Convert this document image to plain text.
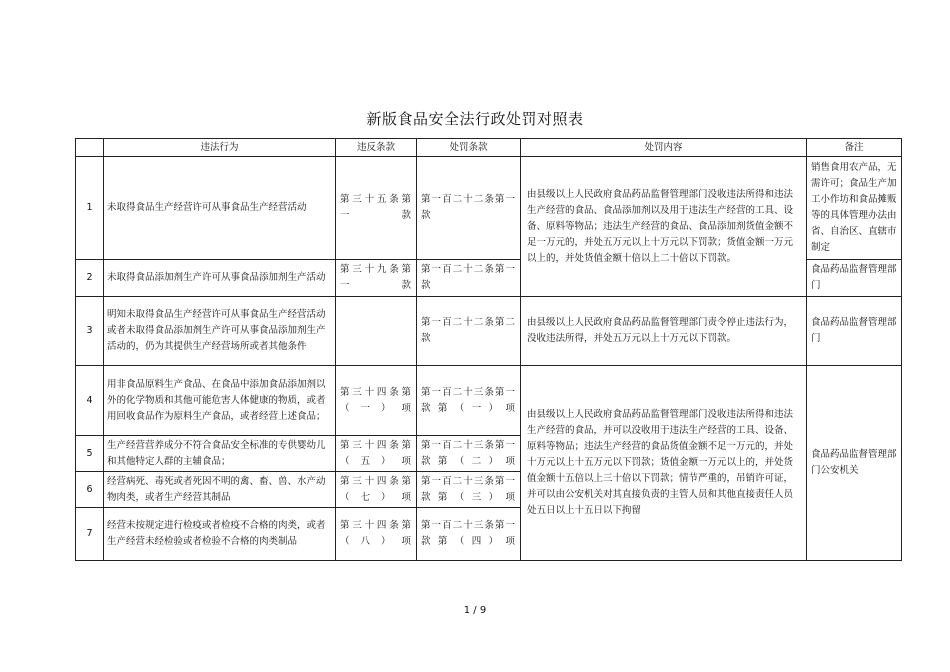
新版食品安全法行政处罚对照表
	违法行为	违反条款	处罚条款	处罚内容	备注
1	未取得食品生产经营许可从事食品生产经营活动	第三十五条第一款	第一百二十二条第一款	由县级以上人民政府食品药品监督管理部门没收违法所得和违法生产经营的食品、食品添加剂以及用于违法生产经营的工具、设备、原料等物品；违法生产经营的食品、食品添加剂货值金额不足一万元的，并处五万元以上十万元以下罚款；货值金额一万元以上的，并处货值金额十倍以上二十倍以下罚款。	销售食用农产品，无需许可；食品生产加工小作坊和食品摊贩等的具体管理办法由省、自治区、直辖市制定
2	未取得食品添加剂生产许可从事食品添加剂生产活动	第三十九条第一款	第一百二十二条第一款		食品药品监督管理部门
3	明知未取得食品生产经营许可从事食品生产经营活动或者未取得食品添加剂生产许可从事食品添加剂生产活动的，仍为其提供生产经营场所或者其他条件		第一百二十二条第二款	由县级以上人民政府食品药品监督管理部门责令停止违法行为，没收违法所得，并处五万元以上十万元以下罚款。	食品药品监督管理部门
4	用非食品原料生产食品、在食品中添加食品添加剂以外的化学物质和其他可能危害人体健康的物质，或者用回收食品作为原料生产食品，或者经营上述食品；	第三十四条第（一）项	第一百二十三条第一款第（一）项	由县级以上人民政府食品药品监督管理部门没收违法所得和违法生产经营的食品，并可以没收用于违法生产经营的工具、设备、原料等物品；违法生产经营的食品货值金额不足一万元的，并处十万元以上十五万元以下罚款；货值金额一万元以上的，并处货值金额十五倍以上三十倍以下罚款；情节严重的，吊销许可证，并可以由公安机关对其直接负责的主管人员和其他直接责任人员处五日以上十五日以下拘留	食品药品监督管理部门公安机关
5	生产经营营养成分不符合食品安全标准的专供婴幼儿和其他特定人群的主辅食品；	第三十四条第（五）项	第一百二十三条第一款第（二）项		
6	经营病死、毒死或者死因不明的禽、畜、兽、水产动物肉类，或者生产经营其制品	第三十四条第（七）项	第一百二十三条第一款第（三）项		
7	经营未按规定进行检疫或者检疫不合格的肉类，或者生产经营未经检验或者检验不合格的肉类制品	第三十四条第（八）项	第一百二十三条第一款第（四）项		
1 / 9
